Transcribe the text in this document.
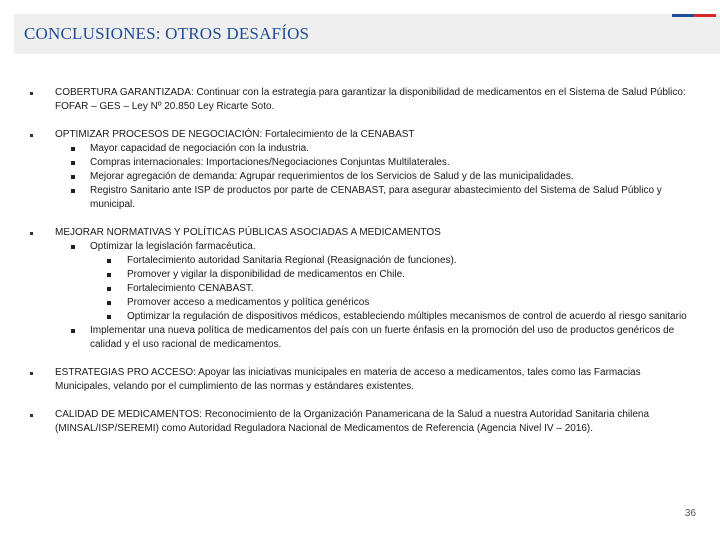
CONCLUSIONES: OTROS DESAFÍOS
COBERTURA GARANTIZADA: Continuar con la estrategia para garantizar la disponibilidad de medicamentos en el Sistema de Salud Público: FOFAR – GES – Ley Nº 20.850 Ley Ricarte Soto.
OPTIMIZAR PROCESOS DE NEGOCIACIÓN: Fortalecimiento de la CENABAST
Mayor capacidad de negociación con la industria.
Compras internacionales: Importaciones/Negociaciones Conjuntas Multilaterales.
Mejorar agregación de demanda: Agrupar requerimientos de los Servicios de Salud y de las municipalidades.
Registro Sanitario ante ISP de productos por parte de CENABAST, para asegurar abastecimiento del Sistema de Salud Público y municipal.
MEJORAR NORMATIVAS Y POLÍTICAS PÚBLICAS ASOCIADAS A MEDICAMENTOS
Optimizar la legislación farmacéutica.
Fortalecimiento autoridad Sanitaria Regional (Reasignación de funciones).
Promover y vigilar la disponibilidad de medicamentos en Chile.
Fortalecimiento CENABAST.
Promover acceso a medicamentos y política genéricos
Optimizar la regulación de dispositivos médicos, estableciendo múltiples mecanismos de control de acuerdo al riesgo sanitario
Implementar una nueva política de medicamentos del país con un fuerte énfasis en la promoción del uso de productos genéricos de calidad y el uso racional de medicamentos.
ESTRATEGIAS PRO ACCESO: Apoyar las iniciativas municipales en materia de acceso a medicamentos, tales como las Farmacias Municipales, velando por el cumplimiento de las normas y estándares existentes.
CALIDAD DE MEDICAMENTOS: Reconocimiento de la Organización Panamericana de la Salud a nuestra Autoridad Sanitaria chilena (MINSAL/ISP/SEREMI) como Autoridad Reguladora Nacional de Medicamentos de Referencia (Agencia Nivel IV – 2016).
36
